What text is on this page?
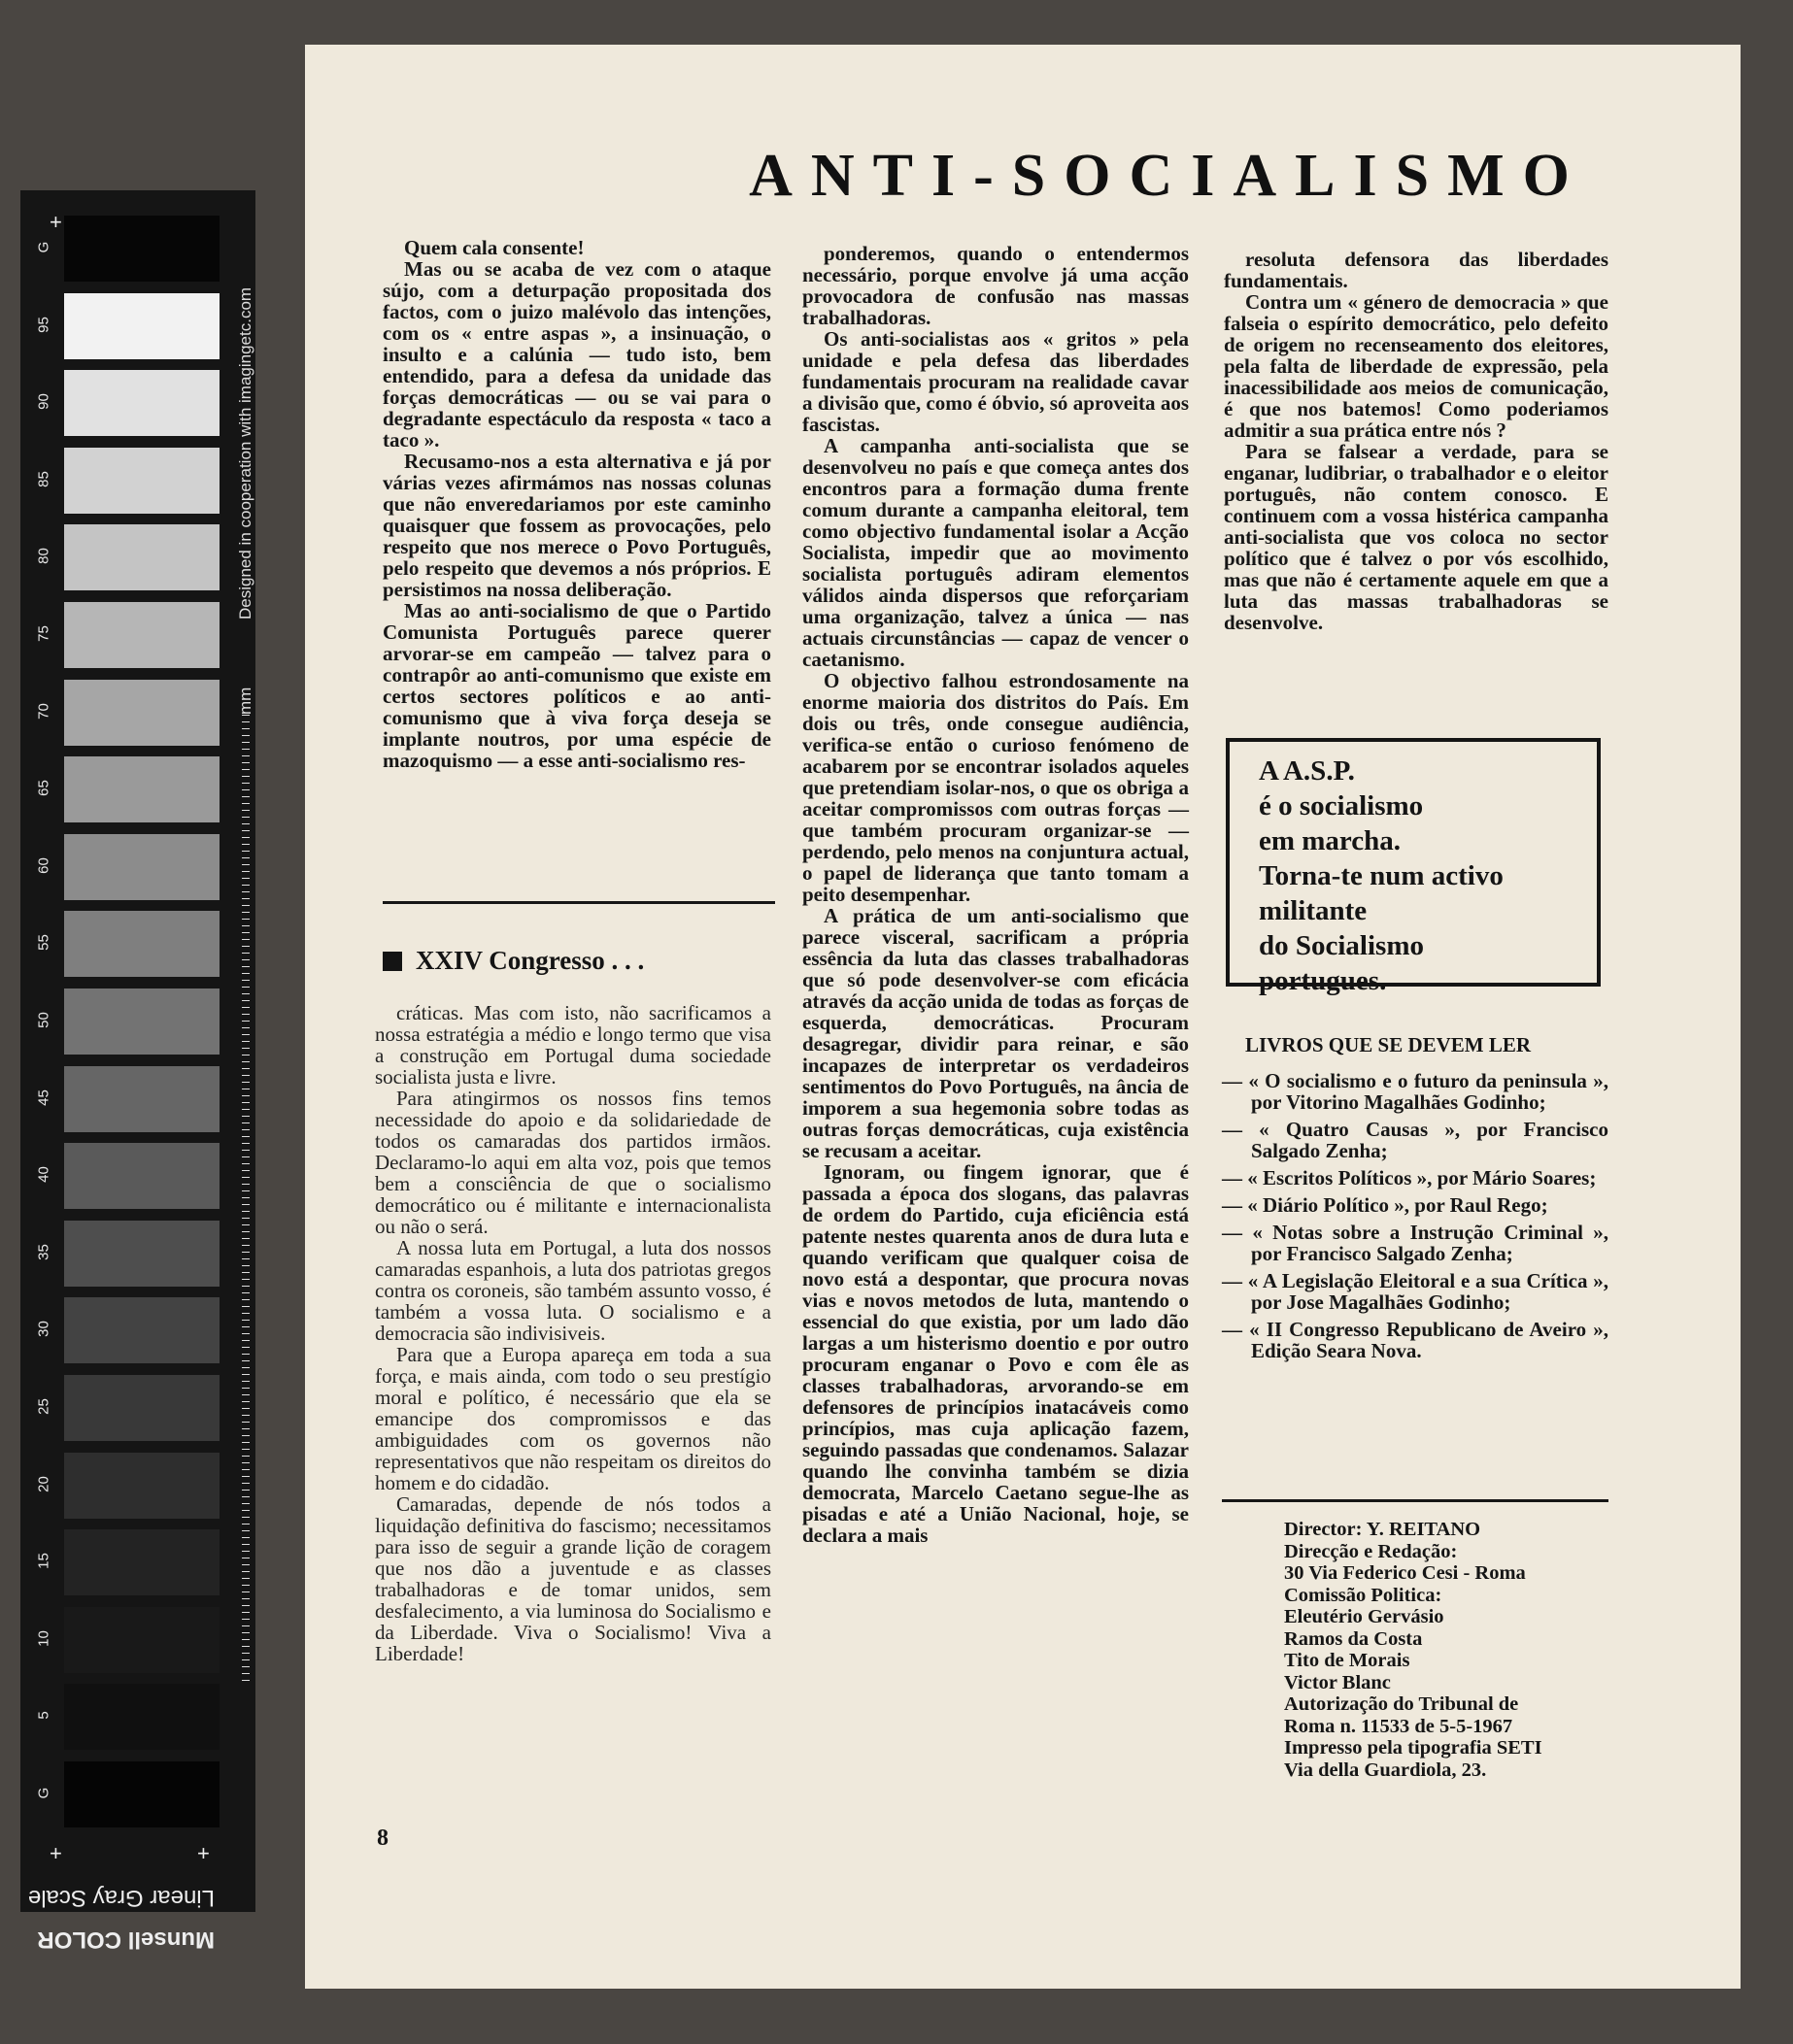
+
G
95
90
85
80
75
70
65
60
55
50
45
40
35
30
25
20
15
10
5
G
Designed in cooperation with imagingetc.com
mm
+	+
Linear Gray Scale
Munsell COLOR
ANTI-SOCIALISMO

Quem cala consente!

Mas ou se acaba de vez com o ataque sújo, com a deturpação propositada dos factos, com o juizo malévolo das intenções, com os « entre aspas », a insinuação, o insulto e a calúnia — tudo isto, bem entendido, para a defesa da unidade das forças democráticas — ou se vai para o degradante espectáculo da resposta « taco a taco ».

Recusamo-nos a esta alternativa e já por várias vezes afirmámos nas nossas colunas que não enveredariamos por este caminho quaisquer que fossem as provocações, pelo respeito que nos merece o Povo Português, pelo respeito que devemos a nós próprios. E persistimos na nossa deliberação.

Mas ao anti-socialismo de que o Partido Comunista Português parece querer arvorar-se em campeão — talvez para o contrapôr ao anti-comunismo que existe em certos sectores políticos e ao anti-comunismo que à viva força deseja se implante noutros, por uma espécie de mazoquismo — a esse anti-socialismo res-

XXIV Congresso . . .

cráticas. Mas com isto, não sacrificamos a nossa estratégia a médio e longo termo que visa a construção em Portugal duma sociedade socialista justa e livre.

Para atingirmos os nossos fins temos necessidade do apoio e da solidariedade de todos os camaradas dos partidos irmãos. Declaramo-lo aqui em alta voz, pois que temos bem a consciência de que o socialismo democrático ou é militante e internacionalista ou não o será.

A nossa luta em Portugal, a luta dos nossos camaradas espanhois, a luta dos patriotas gregos contra os coroneis, são também assunto vosso, é também a vossa luta. O socialismo e a democracia são indivisiveis.

Para que a Europa apareça em toda a sua força, e mais ainda, com todo o seu prestígio moral e político, é necessário que ela se emancipe dos compromissos e das ambiguidades com os governos não representativos que não respeitam os direitos do homem e do cidadão.

Camaradas, depende de nós todos a liquidação definitiva do fascismo; necessitamos para isso de seguir a grande lição de coragem que nos dão a juventude e as classes trabalhadoras e de tomar unidos, sem desfalecimento, a via luminosa do Socialismo e da Liberdade. Viva o Socialismo! Viva a Liberdade!

ponderemos, quando o entendermos necessário, porque envolve já uma acção provocadora de confusão nas massas trabalhadoras.

Os anti-socialistas aos « gritos » pela unidade e pela defesa das liberdades fundamentais procuram na realidade cavar a divisão que, como é óbvio, só aproveita aos fascistas.

A campanha anti-socialista que se desenvolveu no país e que começa antes dos encontros para a formação duma frente comum durante a campanha eleitoral, tem como objectivo fundamental isolar a Acção Socialista, impedir que ao movimento socialista português adiram elementos válidos ainda dispersos que reforçariam uma organização, talvez a única — nas actuais circunstâncias — capaz de vencer o caetanismo.

O objectivo falhou estrondosamente na enorme maioria dos distritos do País. Em dois ou três, onde consegue audiência, verifica-se então o curioso fenómeno de acabarem por se encontrar isolados aqueles que pretendiam isolar-nos, o que os obriga a aceitar compromissos com outras forças — que também procuram organizar-se — perdendo, pelo menos na conjuntura actual, o papel de liderança que tanto tomam a peito desempenhar.

A prática de um anti-socialismo que parece visceral, sacrificam a própria essência da luta das classes trabalhadoras que só pode desenvolver-se com eficácia através da acção unida de todas as forças de esquerda, democráticas. Procuram desagregar, dividir para reinar, e são incapazes de interpretar os verdadeiros sentimentos do Povo Português, na ância de imporem a sua hegemonia sobre todas as outras forças democráticas, cuja existência se recusam a aceitar.

Ignoram, ou fingem ignorar, que é passada a época dos slogans, das palavras de ordem do Partido, cuja eficiência está patente nestes quarenta anos de dura luta e quando verificam que qualquer coisa de novo está a despontar, que procura novas vias e novos metodos de luta, mantendo o essencial do que existia, por um lado dão largas a um histerismo doentio e por outro procuram enganar o Povo e com êle as classes trabalhadoras, arvorando-se em defensores de princípios inatacáveis como princípios, mas cuja aplicação fazem, seguindo passadas que condenamos. Salazar quando lhe convinha também se dizia democrata, Marcelo Caetano segue-lhe as pisadas e até a União Nacional, hoje, se declara a mais

resoluta defensora das liberdades fundamentais.

Contra um « género de democracia » que falseia o espírito democrático, pelo defeito de origem no recenseamento dos eleitores, pela falta de liberdade de expressão, pela inacessibilidade aos meios de comunicação, é que nos batemos! Como poderiamos admitir a sua prática entre nós ?

Para se falsear a verdade, para se enganar, ludibriar, o trabalhador e o eleitor português, não contem conosco. E continuem com a vossa histérica campanha anti-socialista que vos coloca no sector político que é talvez o por vós escolhido, mas que não é certamente aquele em que a luta das massas trabalhadoras se desenvolve.

A A.S.P.
é o socialismo
em marcha.
Torna-te num activo
militante
do Socialismo
portugues.
LIVROS QUE SE DEVEM LER
— « O socialismo e o futuro da peninsula », por Vitorino Magalhães Godinho;
— « Quatro Causas », por Francisco Salgado Zenha;
— « Escritos Políticos », por Mário Soares;
— « Diário Político », por Raul Rego;
— « Notas sobre a Instrução Criminal », por Francisco Salgado Zenha;
— « A Legislação Eleitoral e a sua Crítica », por Jose Magalhães Godinho;
— « II Congresso Republicano de Aveiro », Edição Seara Nova.
Director: Y. REITANO
Direcção e Redação:
30 Via Federico Cesi - Roma
Comissão Politica:
Eleutério Gervásio
Ramos da Costa
Tito de Morais
Victor Blanc
Autorização do Tribunal de
Roma n. 11533 de 5-5-1967
Impresso pela tipografia SETI
Via della Guardiola, 23.
8
